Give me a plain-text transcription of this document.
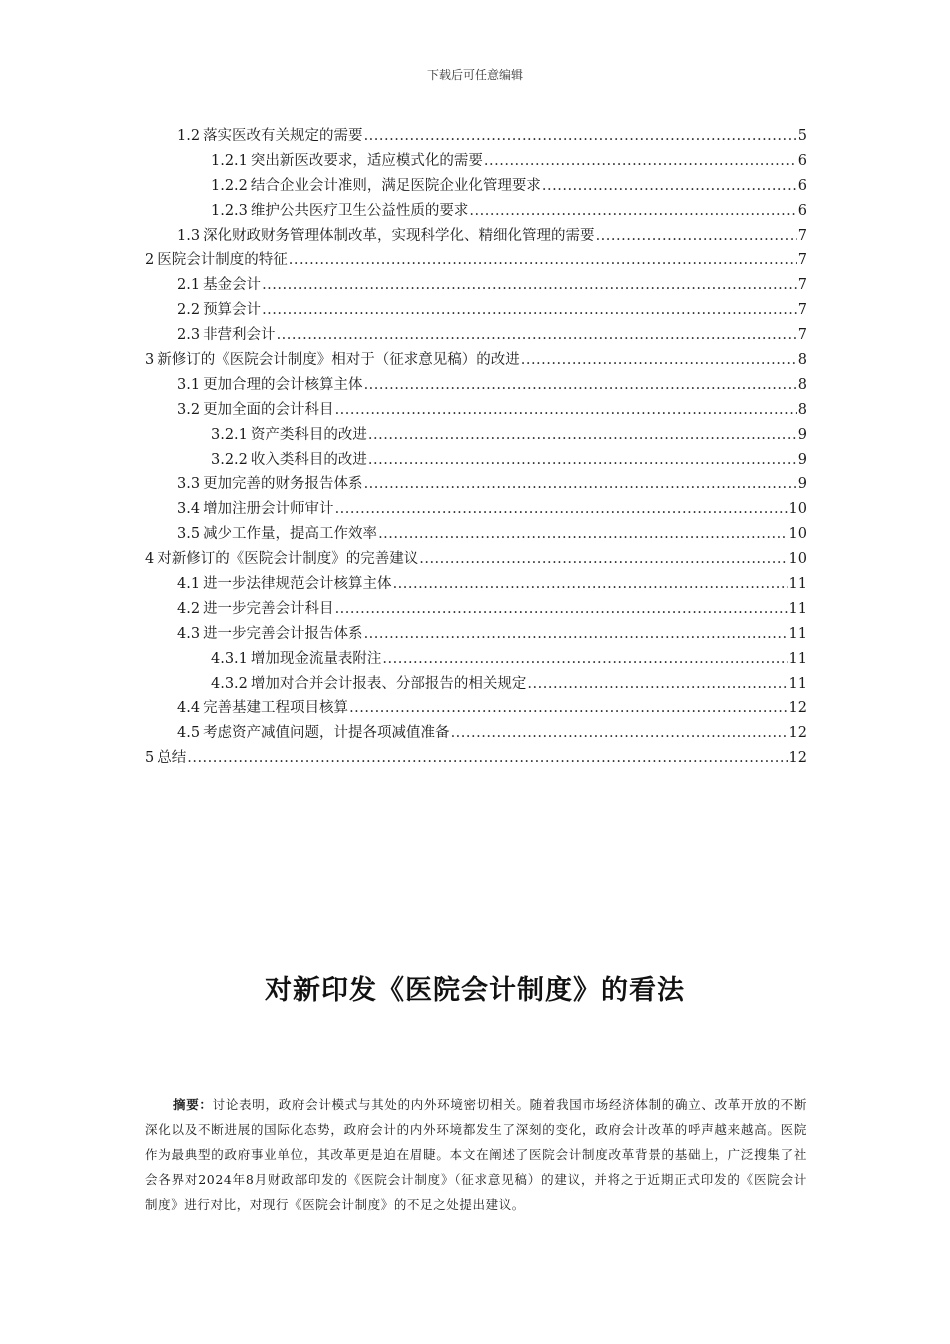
下载后可任意编辑
1.2 落实医改有关规定的需要 .....	5
1.2.1 突出新医改要求，适应模式化的需要 .....	6
1.2.2 结合企业会计准则，满足医院企业化管理要求 .....	6
1.2.3 维护公共医疗卫生公益性质的要求 .....	6
1.3 深化财政财务管理体制改革，实现科学化、精细化管理的需要 .....	7
2 医院会计制度的特征 .....	7
2.1 基金会计 .....	7
2.2 预算会计 .....	7
2.3 非营利会计 .....	7
3 新修订的《医院会计制度》相对于（征求意见稿）的改进 .....	8
3.1 更加合理的会计核算主体 .....	8
3.2 更加全面的会计科目 .....	8
3.2.1 资产类科目的改进 .....	9
3.2.2 收入类科目的改进 .....	9
3.3 更加完善的财务报告体系 .....	9
3.4 增加注册会计师审计 .....	10
3.5 减少工作量，提高工作效率 .....	10
4 对新修订的《医院会计制度》的完善建议 .....	10
4.1 进一步法律规范会计核算主体 .....	11
4.2 进一步完善会计科目 .....	11
4.3 进一步完善会计报告体系 .....	11
4.3.1 增加现金流量表附注 .....	11
4.3.2 增加对合并会计报表、分部报告的相关规定 .....	11
4.4 完善基建工程项目核算 .....	12
4.5 考虑资产减值问题，计提各项减值准备 .....	12
5 总结 .....	12
对新印发《医院会计制度》的看法
摘要：讨论表明，政府会计模式与其处的内外环境密切相关。随着我国市场经济体制的确立、改革开放的不断深化以及不断进展的国际化态势，政府会计的内外环境都发生了深刻的变化，政府会计改革的呼声越来越高。医院作为最典型的政府事业单位，其改革更是迫在眉睫。本文在阐述了医院会计制度改革背景的基础上，广泛搜集了社会各界对2024年8月财政部印发的《医院会计制度》（征求意见稿）的建议，并将之于近期正式印发的《医院会计制度》进行对比，对现行《医院会计制度》的不足之处提出建议。
